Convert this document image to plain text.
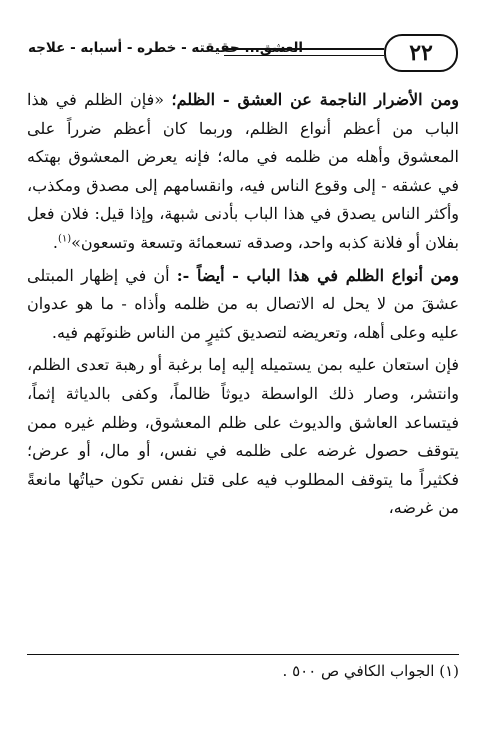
٢٢
العشق... حقيقته - خطره - أسبابه - علاجه

ومن الأضرار الناجمة عن العشق - الظلم؛ «فإن الظلم في هذا الباب من أعظم أنواع الظلم، وربما كان أعظم ضرراً على المعشوق وأهله من ظلمه في ماله؛ فإنه يعرض المعشوق بهتكه في عشقه - إلى وقوع الناس فيه، وانقسامهم إلى مصدق ومكذب، وأكثر الناس يصدق في هذا الباب بأدنى شبهة، وإذا قيل: فلان فعل بفلان أو فلانة كذبه واحد، وصدقه تسعمائة وتسعة وتسعون»$^{(١)}$.

ومن أنواع الظلم في هذا الباب - أيضاً -: أن في إظهار المبتلى عشقَ من لا يحل له الاتصال به من ظلمه وأذاه - ما هو عدوان عليه وعلى أهله، وتعريضه لتصديق كثيرٍ من الناس ظنونَهم فيه.

فإن استعان عليه بمن يستميله إليه إما برغبة أو رهبة تعدى الظلم، وانتشر، وصار ذلك الواسطة ديوثاً ظالماً، وكفى بالدياثة إثماً، فيتساعد العاشق والديوث على ظلم المعشوق، وظلم غيره ممن يتوقف حصول غرضه على ظلمه في نفس، أو مال، أو عرض؛ فكثيراً ما يتوقف المطلوب فيه على قتل نفس تكون حياتُها مانعةً من غرضه،

(١) الجواب الكافي ص ٥٠٠ .
